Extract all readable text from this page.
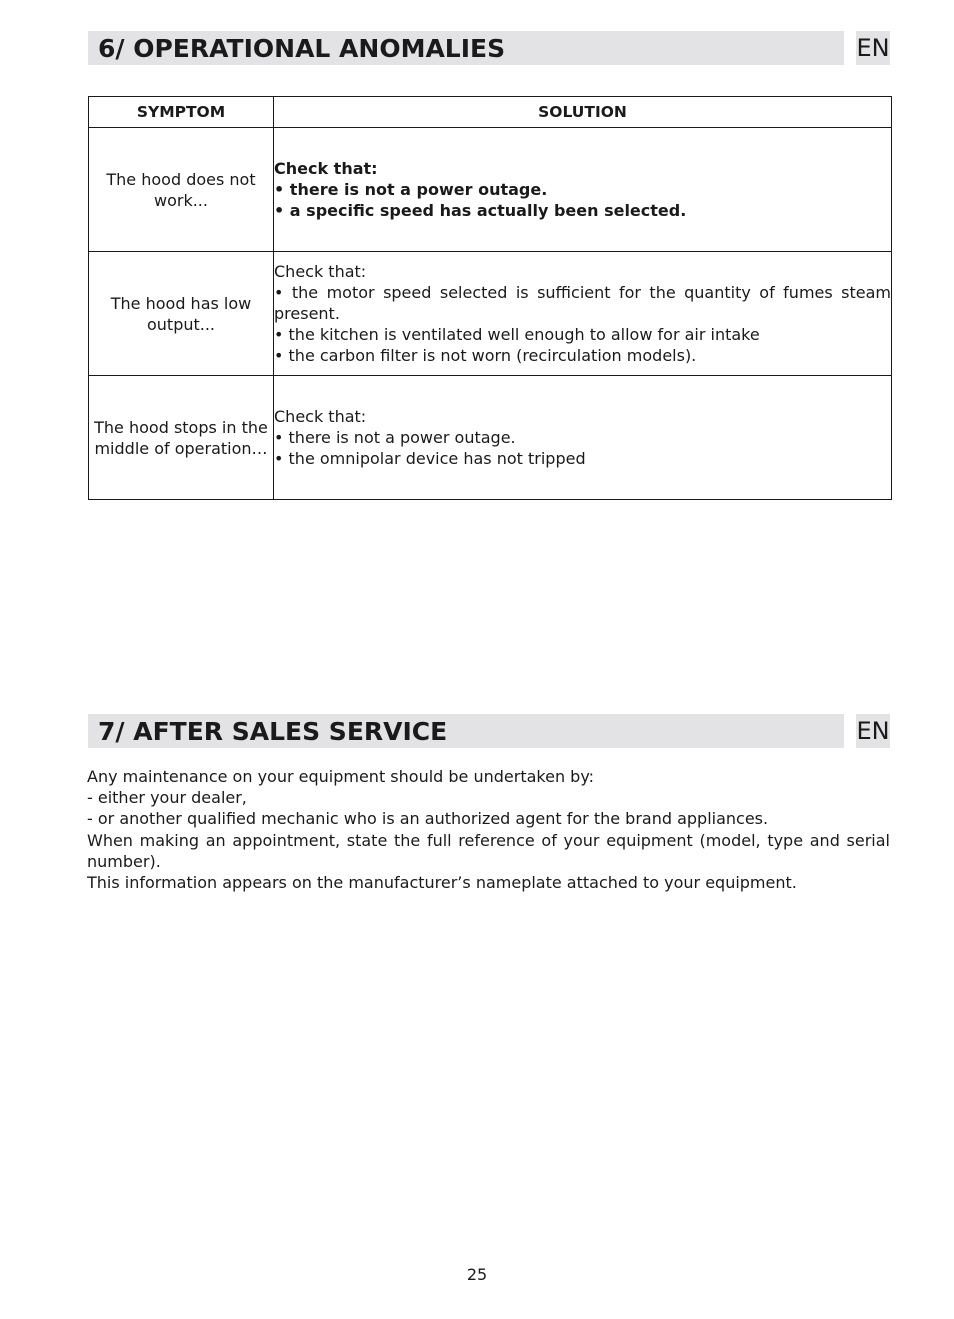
6/ OPERATIONAL ANOMALIES	EN
SYMPTOM	SOLUTION
The hood does not work...	Check that:
• there is not a power outage.
• a specific speed has actually been selected.

The hood has low output...	Check that:
• the motor speed selected is sufficient for the quantity of fumes steam present.
• the kitchen is ventilated well enough to allow for air intake
• the carbon filter is not worn (recirculation models).

The hood stops in the middle of operation…	Check that:
• there is not a power outage.
• the omnipolar device has not tripped
7/ AFTER SALES SERVICE	EN

Any maintenance on your equipment should be undertaken by:

- either your dealer,

- or another qualified mechanic who is an authorized agent for the brand appliances.

When making an appointment, state the full reference of your equipment (model, type and serial number).

This information appears on the manufacturer’s nameplate attached to your equipment.

25
